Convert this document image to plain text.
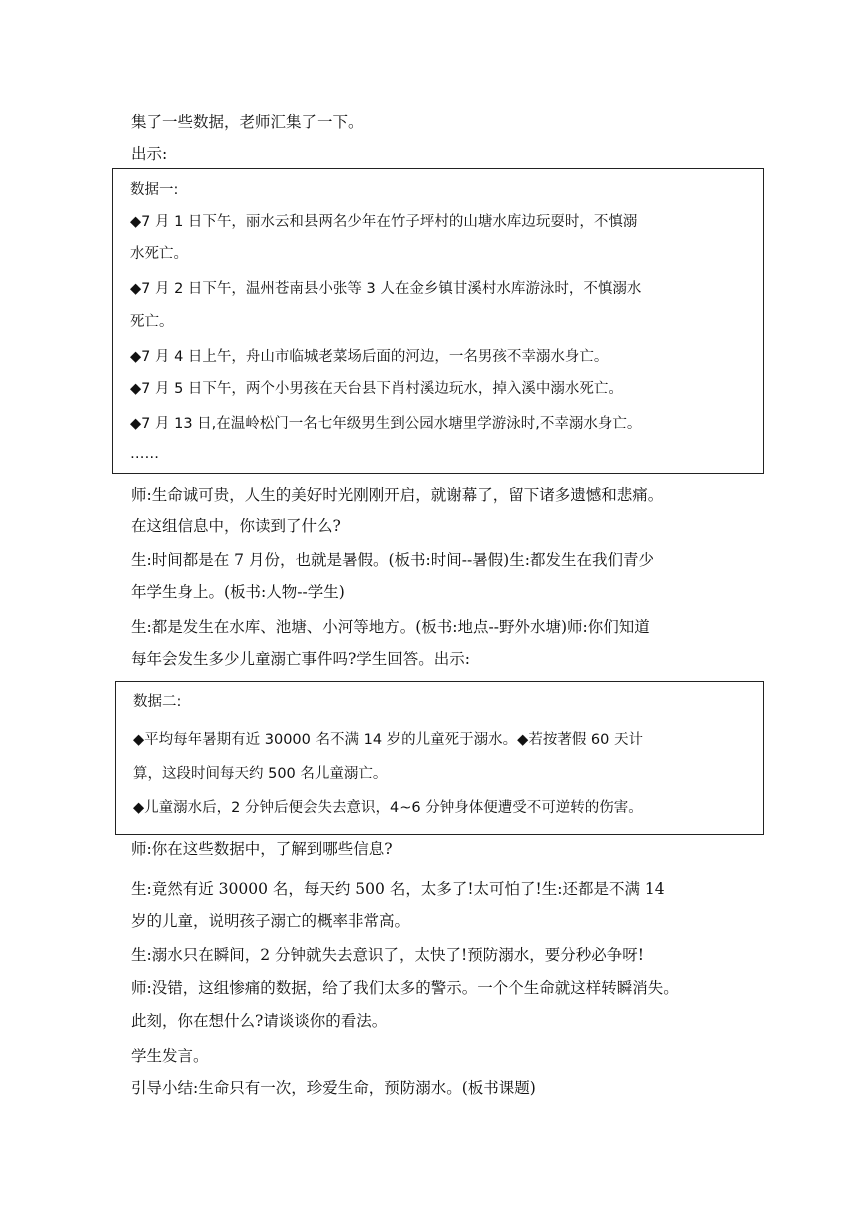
集了一些数据，老师汇集了一下。

出示:

数据一:

◆7 月 1 日下午，丽水云和县两名少年在竹子坪村的山塘水库边玩耍时，不慎溺

水死亡。

◆7 月 2 日下午，温州苍南县小张等 3 人在金乡镇甘溪村水库游泳时，不慎溺水

死亡。

◆7 月 4 日上午，舟山市临城老菜场后面的河边，一名男孩不幸溺水身亡。

◆7 月 5 日下午，两个小男孩在天台县下肖村溪边玩水，掉入溪中溺水死亡。

◆7 月 13 日,在温岭松门一名七年级男生到公园水塘里学游泳时,不幸溺水身亡。

……

师:生命诚可贵，人生的美好时光刚刚开启，就谢幕了，留下诸多遗憾和悲痛。

在这组信息中，你读到了什么?

生:时间都是在 7 月份，也就是暑假。(板书:时间--暑假)生:都发生在我们青少

年学生身上。(板书:人物--学生)

生:都是发生在水库、池塘、小河等地方。(板书:地点--野外水塘)师:你们知道

每年会发生多少儿童溺亡事件吗?学生回答。出示:

数据二:

◆平均每年暑期有近 30000 名不满 14 岁的儿童死于溺水。◆若按著假 60 天计

算，这段时间每天约 500 名儿童溺亡。

◆儿童溺水后，2 分钟后便会失去意识，4~6 分钟身体便遭受不可逆转的伤害。

师:你在这些数据中，了解到哪些信息?

生:竟然有近 30000 名，每天约 500 名，太多了!太可怕了!生:还都是不满 14

岁的儿童，说明孩子溺亡的概率非常高。

生:溺水只在瞬间，2 分钟就失去意识了，太快了!预防溺水，要分秒必争呀!

师:没错，这组惨痛的数据，给了我们太多的警示。一个个生命就这样转瞬消失。

此刻，你在想什么?请谈谈你的看法。

学生发言。

引导小结:生命只有一次，珍爱生命，预防溺水。(板书课题)
